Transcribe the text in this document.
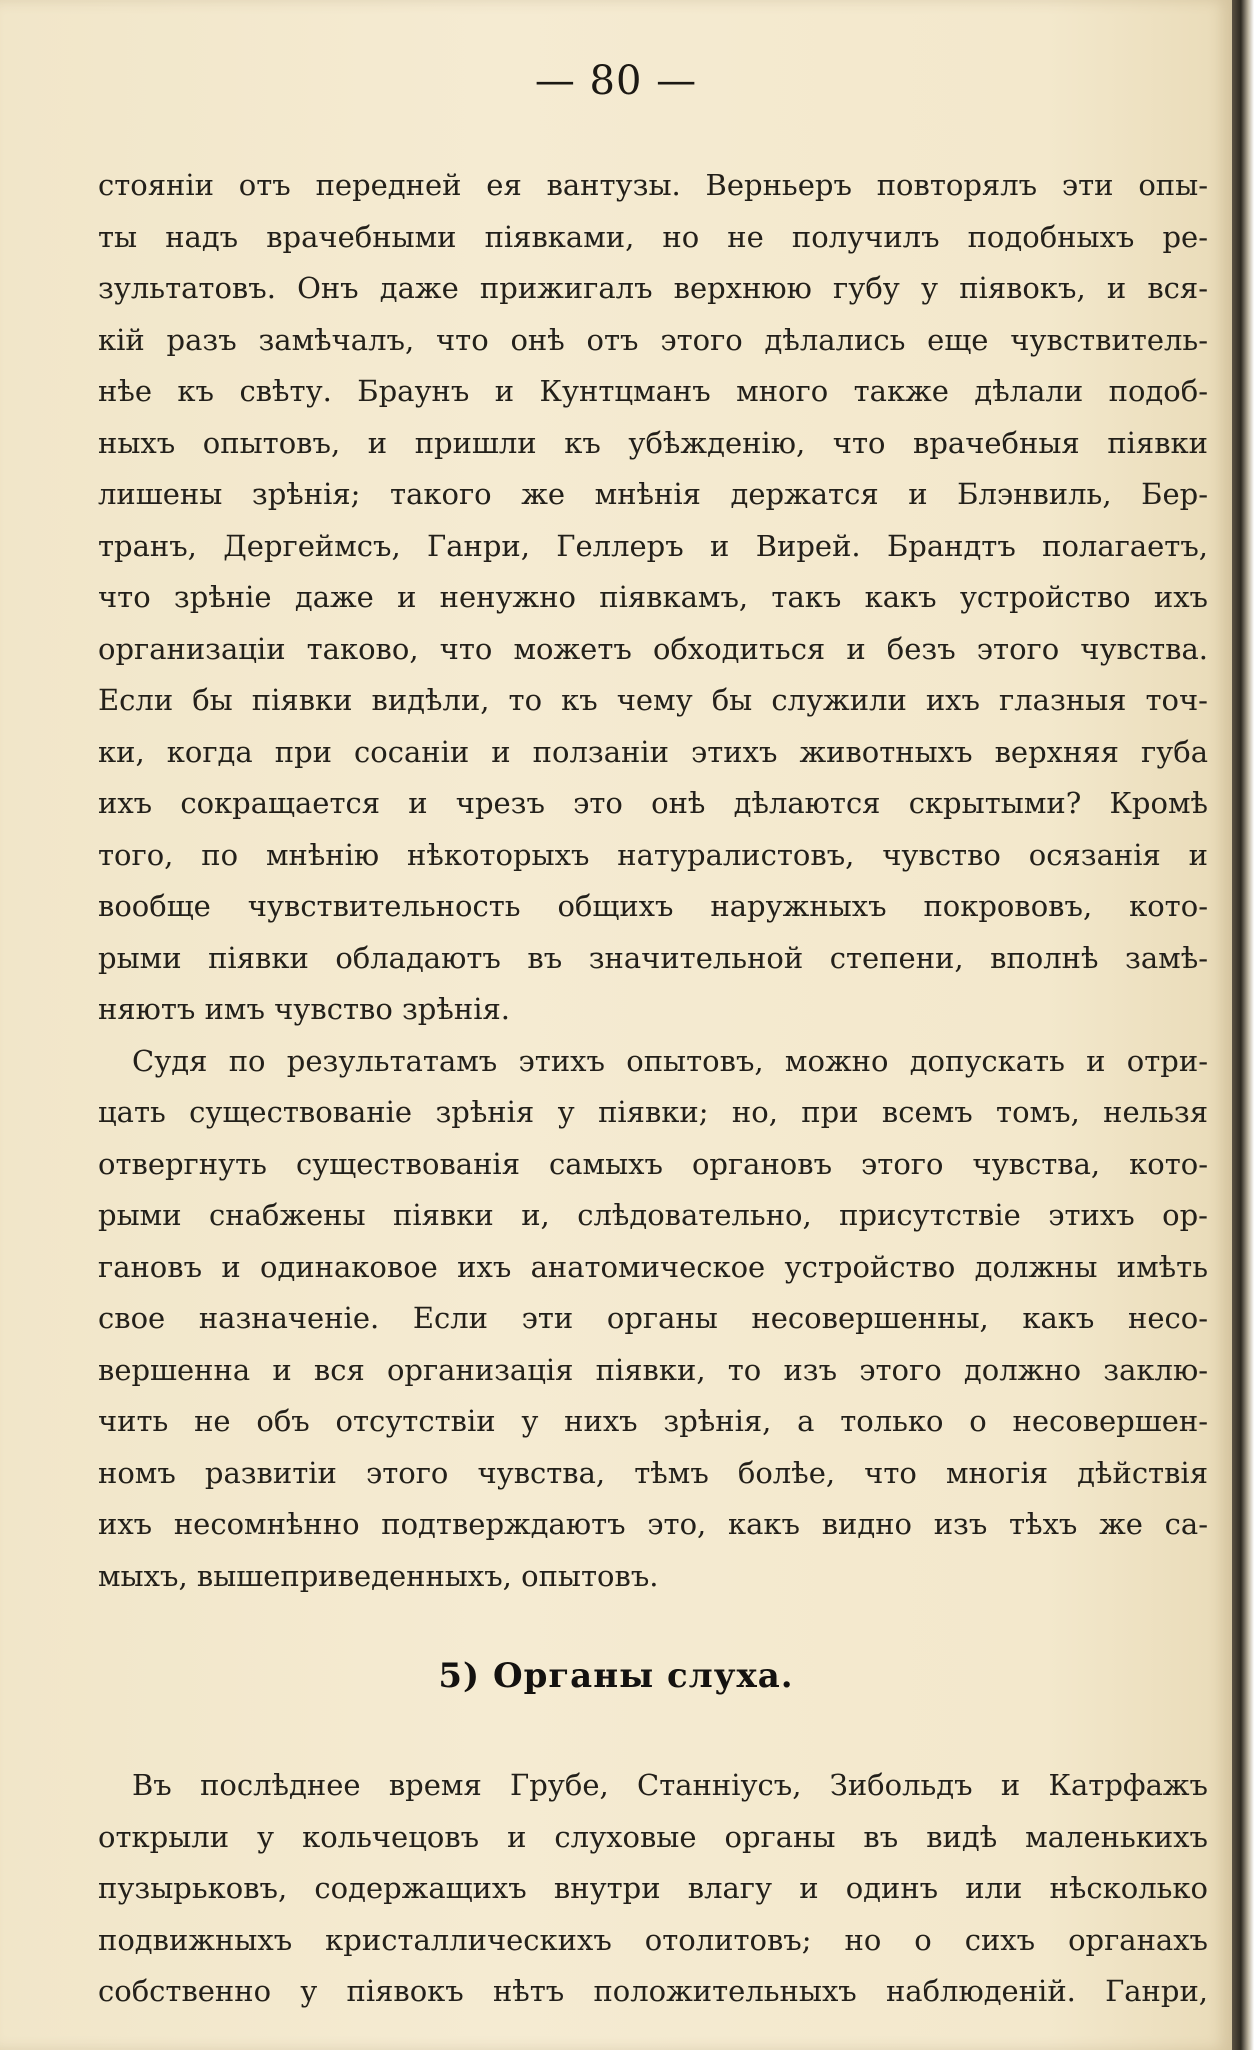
— 80 —
стоянiи отъ передней ея вантузы. Верньеръ повторялъ эти опы-
ты надъ врачебными пiявками, но не получилъ подобныхъ ре-
зультатовъ. Онъ даже прижигалъ верхнюю губу у пiявокъ, и вся-
кiй разъ замѣчалъ, что онѣ отъ этого дѣлались еще чувствитель-
нѣе къ свѣту. Браунъ и Кунтцманъ много также дѣлали подоб-
ныхъ опытовъ, и пришли къ убѣжденiю, что врачебныя пiявки
лишены зрѣнiя; такого же мнѣнiя держатся и Блэнвиль, Бер-
транъ, Дергеймсъ, Ганри, Геллеръ и Вирей. Брандтъ полагаетъ,
что зрѣнiе даже и ненужно пiявкамъ, такъ какъ устройство ихъ
организацiи таково, что можетъ обходиться и безъ этого чувства.
Если бы пiявки видѣли, то къ чему бы служили ихъ глазныя точ-
ки, когда при сосанiи и ползанiи этихъ животныхъ верхняя губа
ихъ сокращается и чрезъ это онѣ дѣлаются скрытыми? Кромѣ
того, по мнѣнiю нѣкоторыхъ натуралистовъ, чувство осязанiя и
вообще чувствительность общихъ наружныхъ покрововъ, кото-
рыми пiявки обладаютъ въ значительной степени, вполнѣ замѣ-
няютъ имъ чувство зрѣнiя.
Судя по результатамъ этихъ опытовъ, можно допускать и отри-
цать существованiе зрѣнiя у пiявки; но, при всемъ томъ, нельзя
отвергнуть существованiя самыхъ органовъ этого чувства, кото-
рыми снабжены пiявки и, слѣдовательно, присутствiе этихъ ор-
гановъ и одинаковое ихъ анатомическое устройство должны имѣть
свое назначенiе. Если эти органы несовершенны, какъ несо-
вершенна и вся организацiя пiявки, то изъ этого должно заклю-
чить не объ отсутствiи у нихъ зрѣнiя, а только о несовершен-
номъ развитiи этого чувства, тѣмъ болѣе, что многiя дѣйствiя
ихъ несомнѣнно подтверждаютъ это, какъ видно изъ тѣхъ же са-
мыхъ, вышеприведенныхъ, опытовъ.
5) Органы слуха.
Въ послѣднее время Грубе, Станнiусъ, Зибольдъ и Катрфажъ
открыли у кольчецовъ и слуховые органы въ видѣ маленькихъ
пузырьковъ, содержащихъ внутри влагу и одинъ или нѣсколько
подвижныхъ кристаллическихъ отолитовъ; но о сихъ органахъ
собственно у пiявокъ нѣтъ положительныхъ наблюденiй. Ганри,
